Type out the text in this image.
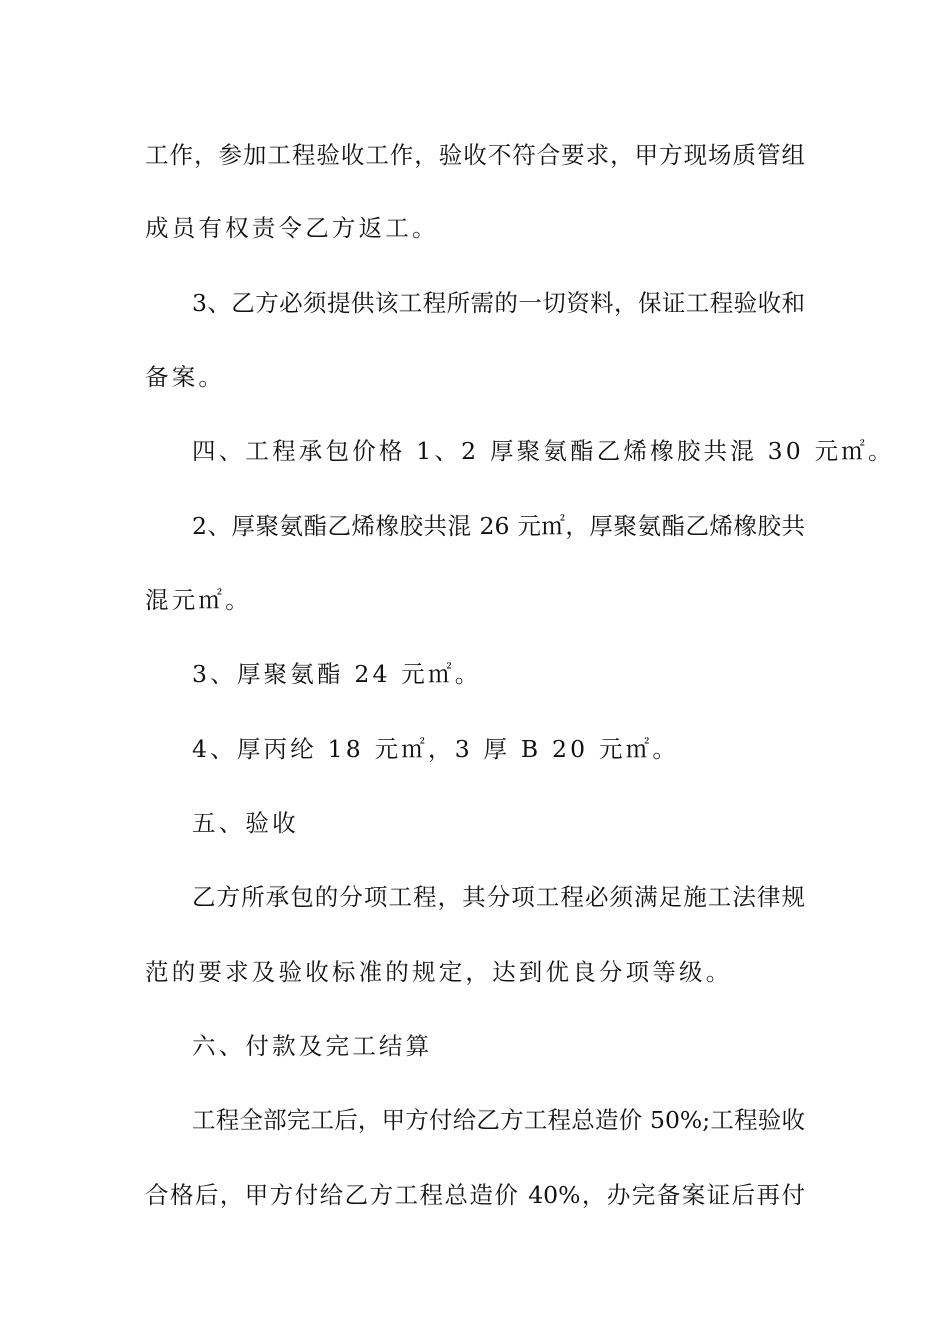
工作，参加工程验收工作，验收不符合要求，甲方现场质管组
成员有权责令乙方返工。
3、乙方必须提供该工程所需的一切资料，保证工程验收和
备案。
四、工程承包价格 1、2 厚聚氨酯乙烯橡胶共混 30 元㎡。
2、厚聚氨酯乙烯橡胶共混 26 元㎡，厚聚氨酯乙烯橡胶共
混元㎡。
3、厚聚氨酯 24 元㎡。
4、厚丙纶 18 元㎡，3 厚 B 20 元㎡。
五、验收
乙方所承包的分项工程，其分项工程必须满足施工法律规
范的要求及验收标准的规定，达到优良分项等级。
六、付款及完工结算
工程全部完工后，甲方付给乙方工程总造价 50%;工程验收
合格后，甲方付给乙方工程总造价 40%，办完备案证后再付
